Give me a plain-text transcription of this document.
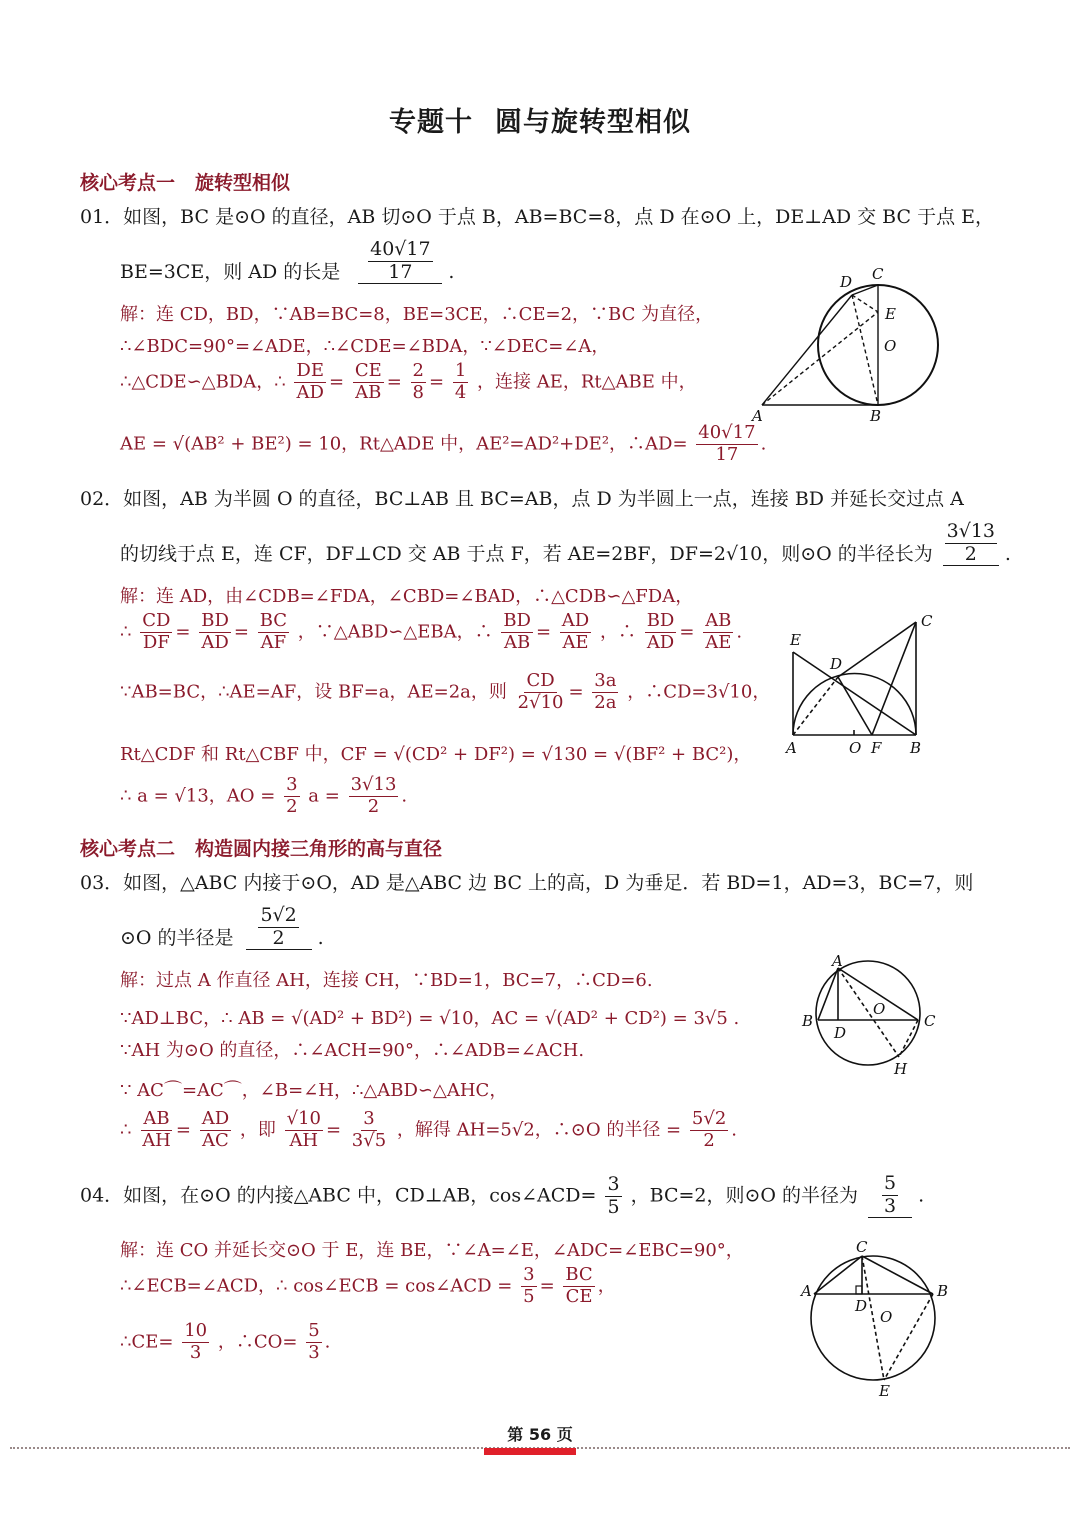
专题十 圆与旋转型相似
核心考点一 旋转型相似
01．如图，BC 是⊙O 的直径，AB 切⊙O 于点 B，AB=BC=8，点 D 在⊙O 上，DE⊥AD 交 BC 于点 E，
BE=3CE，则 AD 的长是 $\frac{40√17}{17}$ .
解：连 CD，BD，∵AB=BC=8，BE=3CE，∴CE=2，∵BC 为直径，
∴∠BDC=90°=∠ADE，∴∠CDE=∠BDA，∵∠DEC=∠A，
∴△CDE∽△BDA，∴ $\frac{DE}{AD} = \frac{CE}{AB} = \frac{2}{8} = \frac{1}{4}$ ，连接 AE，Rt△ABE 中，
AE = √(AB² + BE²) = 10，Rt△ADE 中，AE²=AD²+DE²，∴AD= $\frac{40√17}{17}$ .
A	B
C
D
E
O
02．如图，AB 为半圆 O 的直径，BC⊥AB 且 BC=AB，点 D 为半圆上一点，连接 BD 并延长交过点 A
的切线于点 E，连 CF，DF⊥CD 交 AB 于点 F，若 AE=2BF，DF=2√10，则⊙O 的半径长为 $\frac{3√13}{2}$ .
解：连 AD，由∠CDB=∠FDA，∠CBD=∠BAD，∴△CDB∽△FDA，
∴ $\frac{CD}{DF} = \frac{BD}{AD} = \frac{BC}{AF}$ ，∵△ABD∽△EBA，∴ $\frac{BD}{AB} = \frac{AD}{AE}$ ，∴ $\frac{BD}{AD} = \frac{AB}{AE}$ .
∵AB=BC，∴AE=AF，设 BF=a，AE=2a，则 $\frac{CD}{2√10} = \frac{3a}{2a}$ ，∴CD=3√10，
Rt△CDF 和 Rt△CBF 中，CF = √(CD² + DF²) = √130 = √(BF² + BC²)，
∴ a = √13，AO = $\frac{3}{2}$ $a = \frac{3√13}{2}$ .
A	B
C
D
E
O F
核心考点二 构造圆内接三角形的高与直径
03．如图，△ABC 内接于⊙O，AD 是△ABC 边 BC 上的高，D 为垂足．若 BD=1，AD=3，BC=7，则
⊙O 的半径是 $\frac{5√2}{2}$ .
解：过点 A 作直径 AH，连接 CH，∵BD=1，BC=7，∴CD=6.
∵AD⊥BC，∴ AB = √(AD² + BD²) = √10，AC = √(AD² + CD²) = 3√5 .
∵AH 为⊙O 的直径，∴∠ACH=90°，∴∠ADB=∠ACH.
∵ AC⌒=AC⌒，∠B=∠H，∴△ABD∽△AHC，
∴ $\frac{AB}{AH} = \frac{AD}{AC}$ ，即 $\frac{√10}{AH} = \frac{3}{3√5}$ ，解得 AH=5√2，∴⊙O 的半径 = $\frac{5√2}{2}$ .
A
B	C
D
H
O
04．如图，在⊙O 的内接△ABC 中，CD⊥AB，cos∠ACD= $\frac{3}{5}$ ，BC=2，则⊙O 的半径为 $\frac{5}{3}$ .
解：连 CO 并延长交⊙O 于 E，连 BE，∵∠A=∠E，∠ADC=∠EBC=90°，
∴∠ECB=∠ACD，∴ cos∠ECB = cos∠ACD = $\frac{3}{5} = \frac{BC}{CE}$ ，
∴CE= $\frac{10}{3}$ ，∴CO= $\frac{5}{3}$ .
C
A	B
D
O
E
第 56 页
